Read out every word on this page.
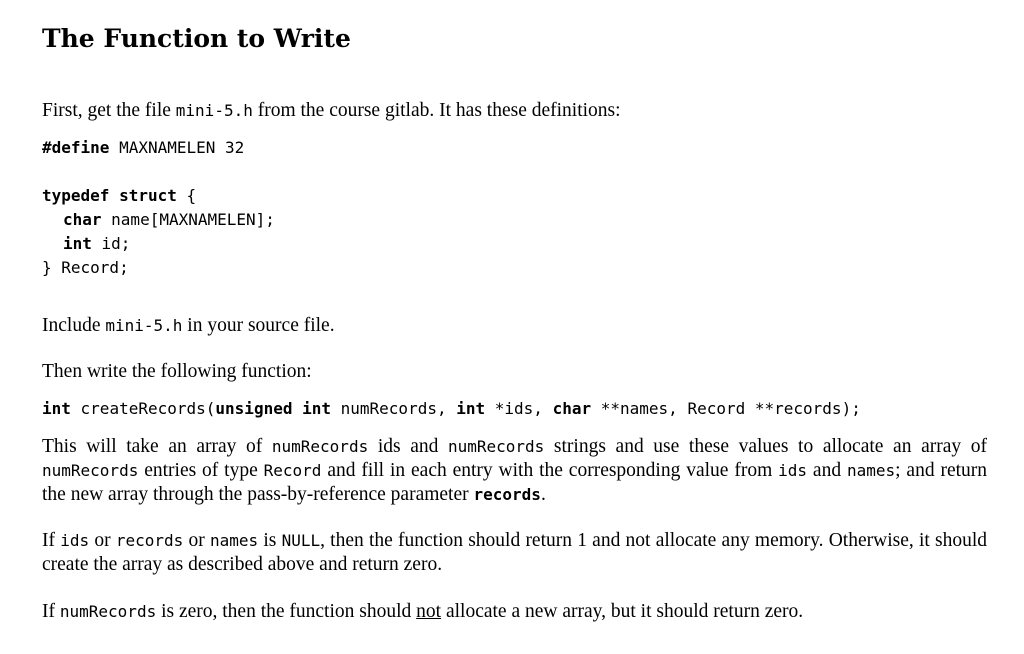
The Function to Write

First, get the file mini-5.h from the course gitlab. It has these definitions:

#define MAXNAMELEN 32
typedef struct {
char name[MAXNAMELEN];
int id;
} Record;

Include mini-5.h in your source file.

Then write the following function:

int createRecords(unsigned int numRecords, int *ids, char **names, Record **records);

This will take an array of numRecords ids and numRecords strings and use these values to allocate an array of numRecords entries of type Record and fill in each entry with the corresponding value from ids and names; and return the new array through the pass-by-reference parameter records.

If ids or records or names is NULL, then the function should return 1 and not allocate any memory. Otherwise, it should create the array as described above and return zero.

If numRecords is zero, then the function should not allocate a new array, but it should return zero.
